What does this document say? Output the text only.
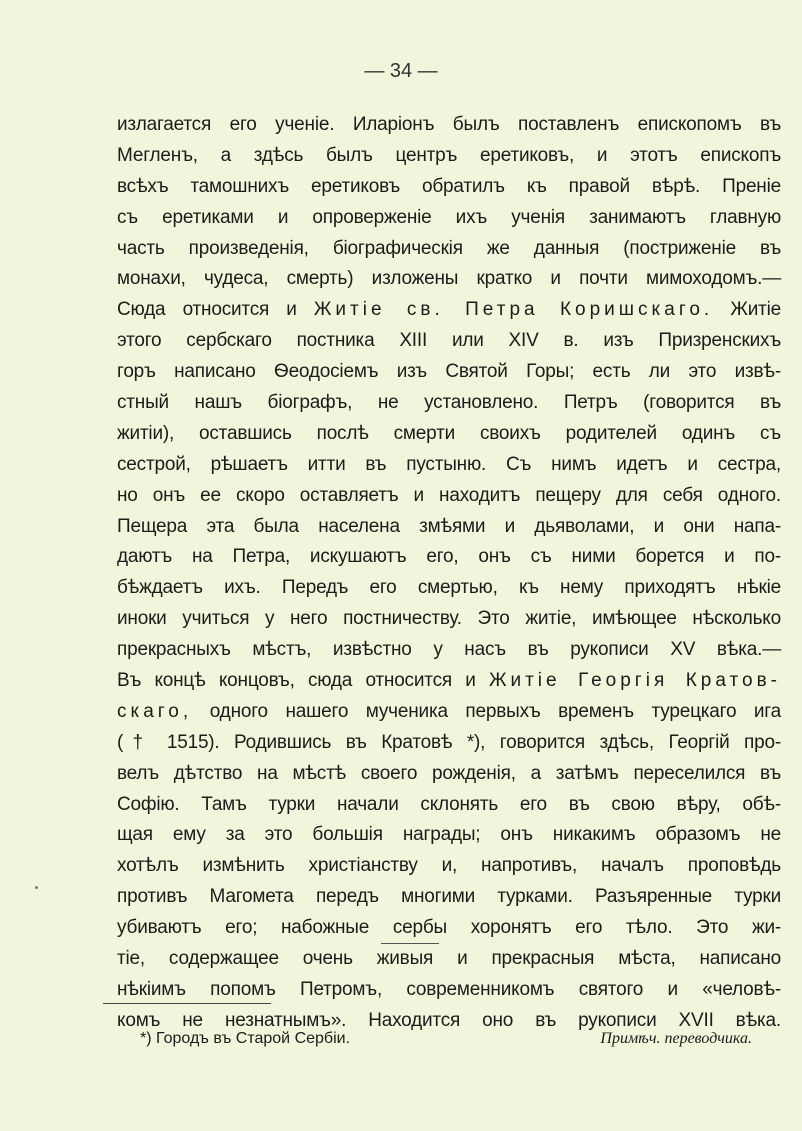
— 34 —
излагается его ученіе. Иларіонъ былъ поставленъ епископомъ въ
Мегленъ, а здѣсь былъ центръ еретиковъ, и этотъ епископъ
всѣхъ тамошнихъ еретиковъ обратилъ къ правой вѣрѣ. Преніе
съ еретиками и опроверженіе ихъ ученія занимаютъ главную
часть произведенія, біографическія же данныя (постриженіе въ
монахи, чудеса, смерть) изложены кратко и почти мимоходомъ.—
Сюда относится и Житіе св. Петра Коришскаго. Житіе
этого сербскаго постника XIII или XIV в. изъ Призренскихъ
горъ написано Ѳеодосіемъ изъ Святой Горы; есть ли это извѣ-
стный нашъ біографъ, не установлено. Петръ (говорится въ
житіи), оставшись послѣ смерти своихъ родителей одинъ съ
сестрой, рѣшаетъ итти въ пустыню. Съ нимъ идетъ и сестра,
но онъ ее скоро оставляетъ и находитъ пещеру для себя одного.
Пещера эта была населена змѣями и дьяволами, и они напа-
даютъ на Петра, искушаютъ его, онъ съ ними борется и по-
бѣждаетъ ихъ. Передъ его смертью, къ нему приходятъ нѣкіе
иноки учиться у него постничеству. Это житіе, имѣющее нѣсколько
прекрасныхъ мѣстъ, извѣстно у насъ въ рукописи XV вѣка.—
Въ концѣ концовъ, сюда относится и Житіе Георгія Кратов-
скаго, одного нашего мученика первыхъ временъ турецкаго ига
(† 1515). Родившись въ Кратовѣ *), говорится здѣсь, Георгій про-
велъ дѣтство на мѣстѣ своего рожденія, а затѣмъ переселился въ
Софію. Тамъ турки начали склонять его въ свою вѣру, обѣ-
щая ему за это большія награды; онъ никакимъ образомъ не
хотѣлъ измѣнить христіанству и, напротивъ, началъ проповѣдь
противъ Магомета передъ многими турками. Разъяренные турки
убиваютъ его; набожные сербы хоронятъ его тѣло. Это жи-
тіе, содержащее очень живыя и прекрасныя мѣста, написано
нѣкіимъ попомъ Петромъ, современникомъ святого и «человѣ-
комъ не незнатнымъ». Находится оно въ рукописи XVII вѣка.
*) Городъ въ Старой Сербіи.	Примѣч. переводчика.
